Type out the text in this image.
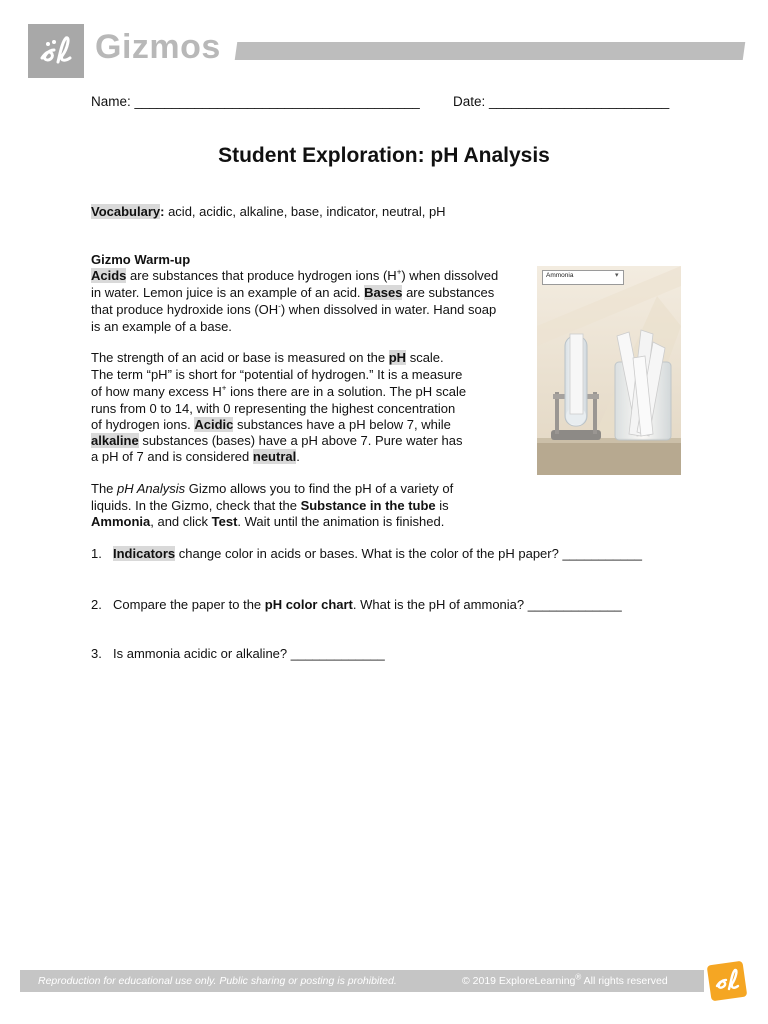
Gizmos
Name: ______________________________________ Date: ________________________
Student Exploration: pH Analysis
Vocabulary: acid, acidic, alkaline, base, indicator, neutral, pH
Gizmo Warm-up
Acids are substances that produce hydrogen ions (H+) when dissolved
in water. Lemon juice is an example of an acid. Bases are substances
that produce hydroxide ions (OH-) when dissolved in water. Hand soap
is an example of a base.
The strength of an acid or base is measured on the pH scale.
The term “pH” is short for “potential of hydrogen.” It is a measure
of how many excess H+ ions there are in a solution. The pH scale
runs from 0 to 14, with 0 representing the highest concentration
of hydrogen ions. Acidic substances have a pH below 7, while
alkaline substances (bases) have a pH above 7. Pure water has
a pH of 7 and is considered neutral.
The pH Analysis Gizmo allows you to find the pH of a variety of
liquids. In the Gizmo, check that the Substance in the tube is
Ammonia, and click Test. Wait until the animation is finished.
Ammonia	▾
1. Indicators change color in acids or bases. What is the color of the pH paper? ___________
2. Compare the paper to the pH color chart. What is the pH of ammonia? _____________
3. Is ammonia acidic or alkaline? _____________
Reproduction for educational use only. Public sharing or posting is prohibited.	© 2019 ExploreLearning® All rights reserved
